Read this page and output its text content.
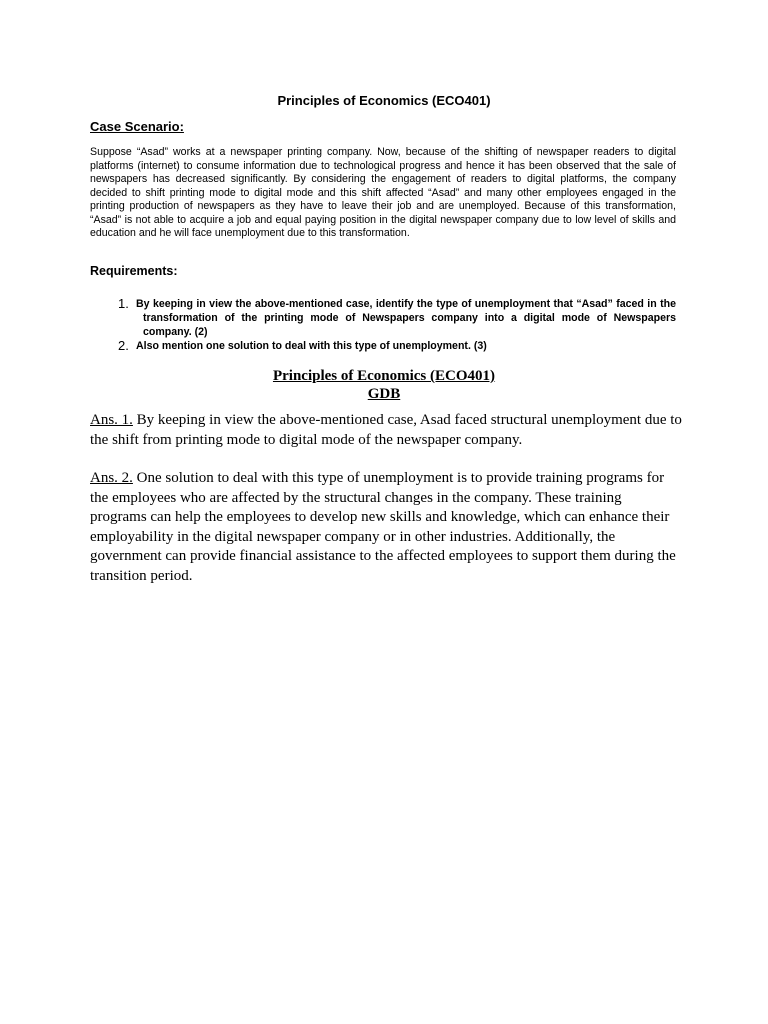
Principles of Economics (ECO401)
Case Scenario:
Suppose “Asad” works at a newspaper printing company. Now, because of the shifting of newspaper readers to digital platforms (internet) to consume information due to technological progress and hence it has been observed that the sale of newspapers has decreased significantly. By considering the engagement of readers to digital platforms, the company decided to shift printing mode to digital mode and this shift affected “Asad” and many other employees engaged in the printing production of newspapers as they have to leave their job and are unemployed. Because of this transformation, “Asad” is not able to acquire a job and equal paying position in the digital newspaper company due to low level of skills and education and he will face unemployment due to this transformation.
Requirements:
1. By keeping in view the above-mentioned case, identify the type of unemployment that “Asad” faced in the transformation of the printing mode of Newspapers company into a digital mode of Newspapers company. (2)
2. Also mention one solution to deal with this type of unemployment. (3)
Principles of Economics (ECO401)
GDB
Ans. 1. By keeping in view the above-mentioned case, Asad faced structural unemployment due to the shift from printing mode to digital mode of the newspaper company.
Ans. 2. One solution to deal with this type of unemployment is to provide training programs for the employees who are affected by the structural changes in the company. These training programs can help the employees to develop new skills and knowledge, which can enhance their employability in the digital newspaper company or in other industries. Additionally, the government can provide financial assistance to the affected employees to support them during the transition period.
